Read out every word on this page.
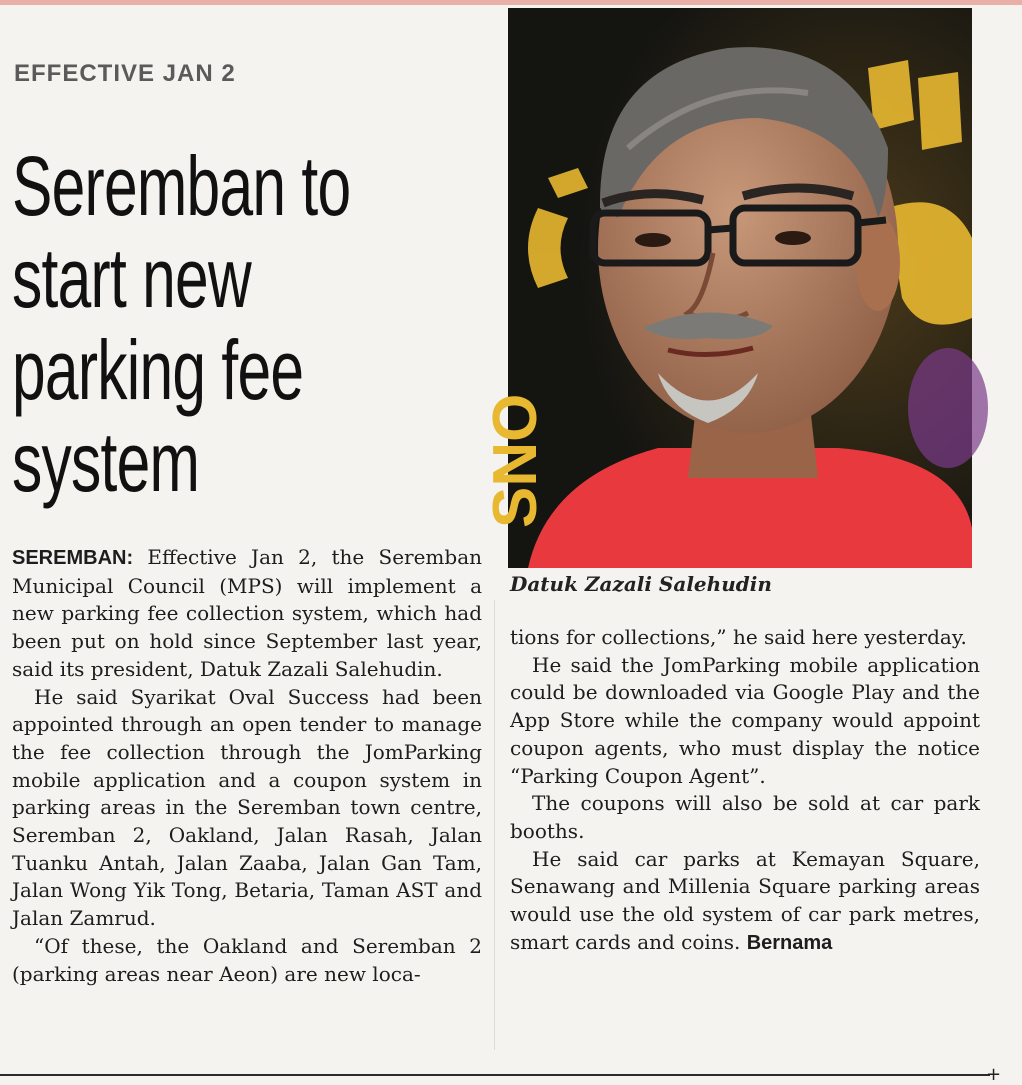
EFFECTIVE JAN 2
Seremban to
start new
parking fee
system	SNO
Datuk Zazali Salehudin

SEREMBAN: Effective Jan 2, the Seremban Municipal Council (MPS) will implement a new parking fee collection system, which had been put on hold since September last year, said its president, Datuk Zazali Salehudin.

He said Syarikat Oval Success had been appointed through an open tender to manage the fee collection through the JomParking mobile application and a coupon system in parking areas in the Seremban town centre, Seremban 2, Oakland, Jalan Rasah, Jalan Tuanku Antah, Jalan Zaaba, Jalan Gan Tam, Jalan Wong Yik Tong, Betaria, Taman AST and Jalan Zamrud.

“Of these, the Oakland and Seremban 2 (parking areas near Aeon) are new loca-

tions for collections,” he said here yesterday.

He said the JomParking mobile application could be downloaded via Google Play and the App Store while the company would appoint coupon agents, who must display the notice “Parking Coupon Agent”.

The coupons will also be sold at car park booths.

He said car parks at Kemayan Square, Senawang and Millenia Square parking areas would use the old system of car park metres, smart cards and coins. Bernama

+
